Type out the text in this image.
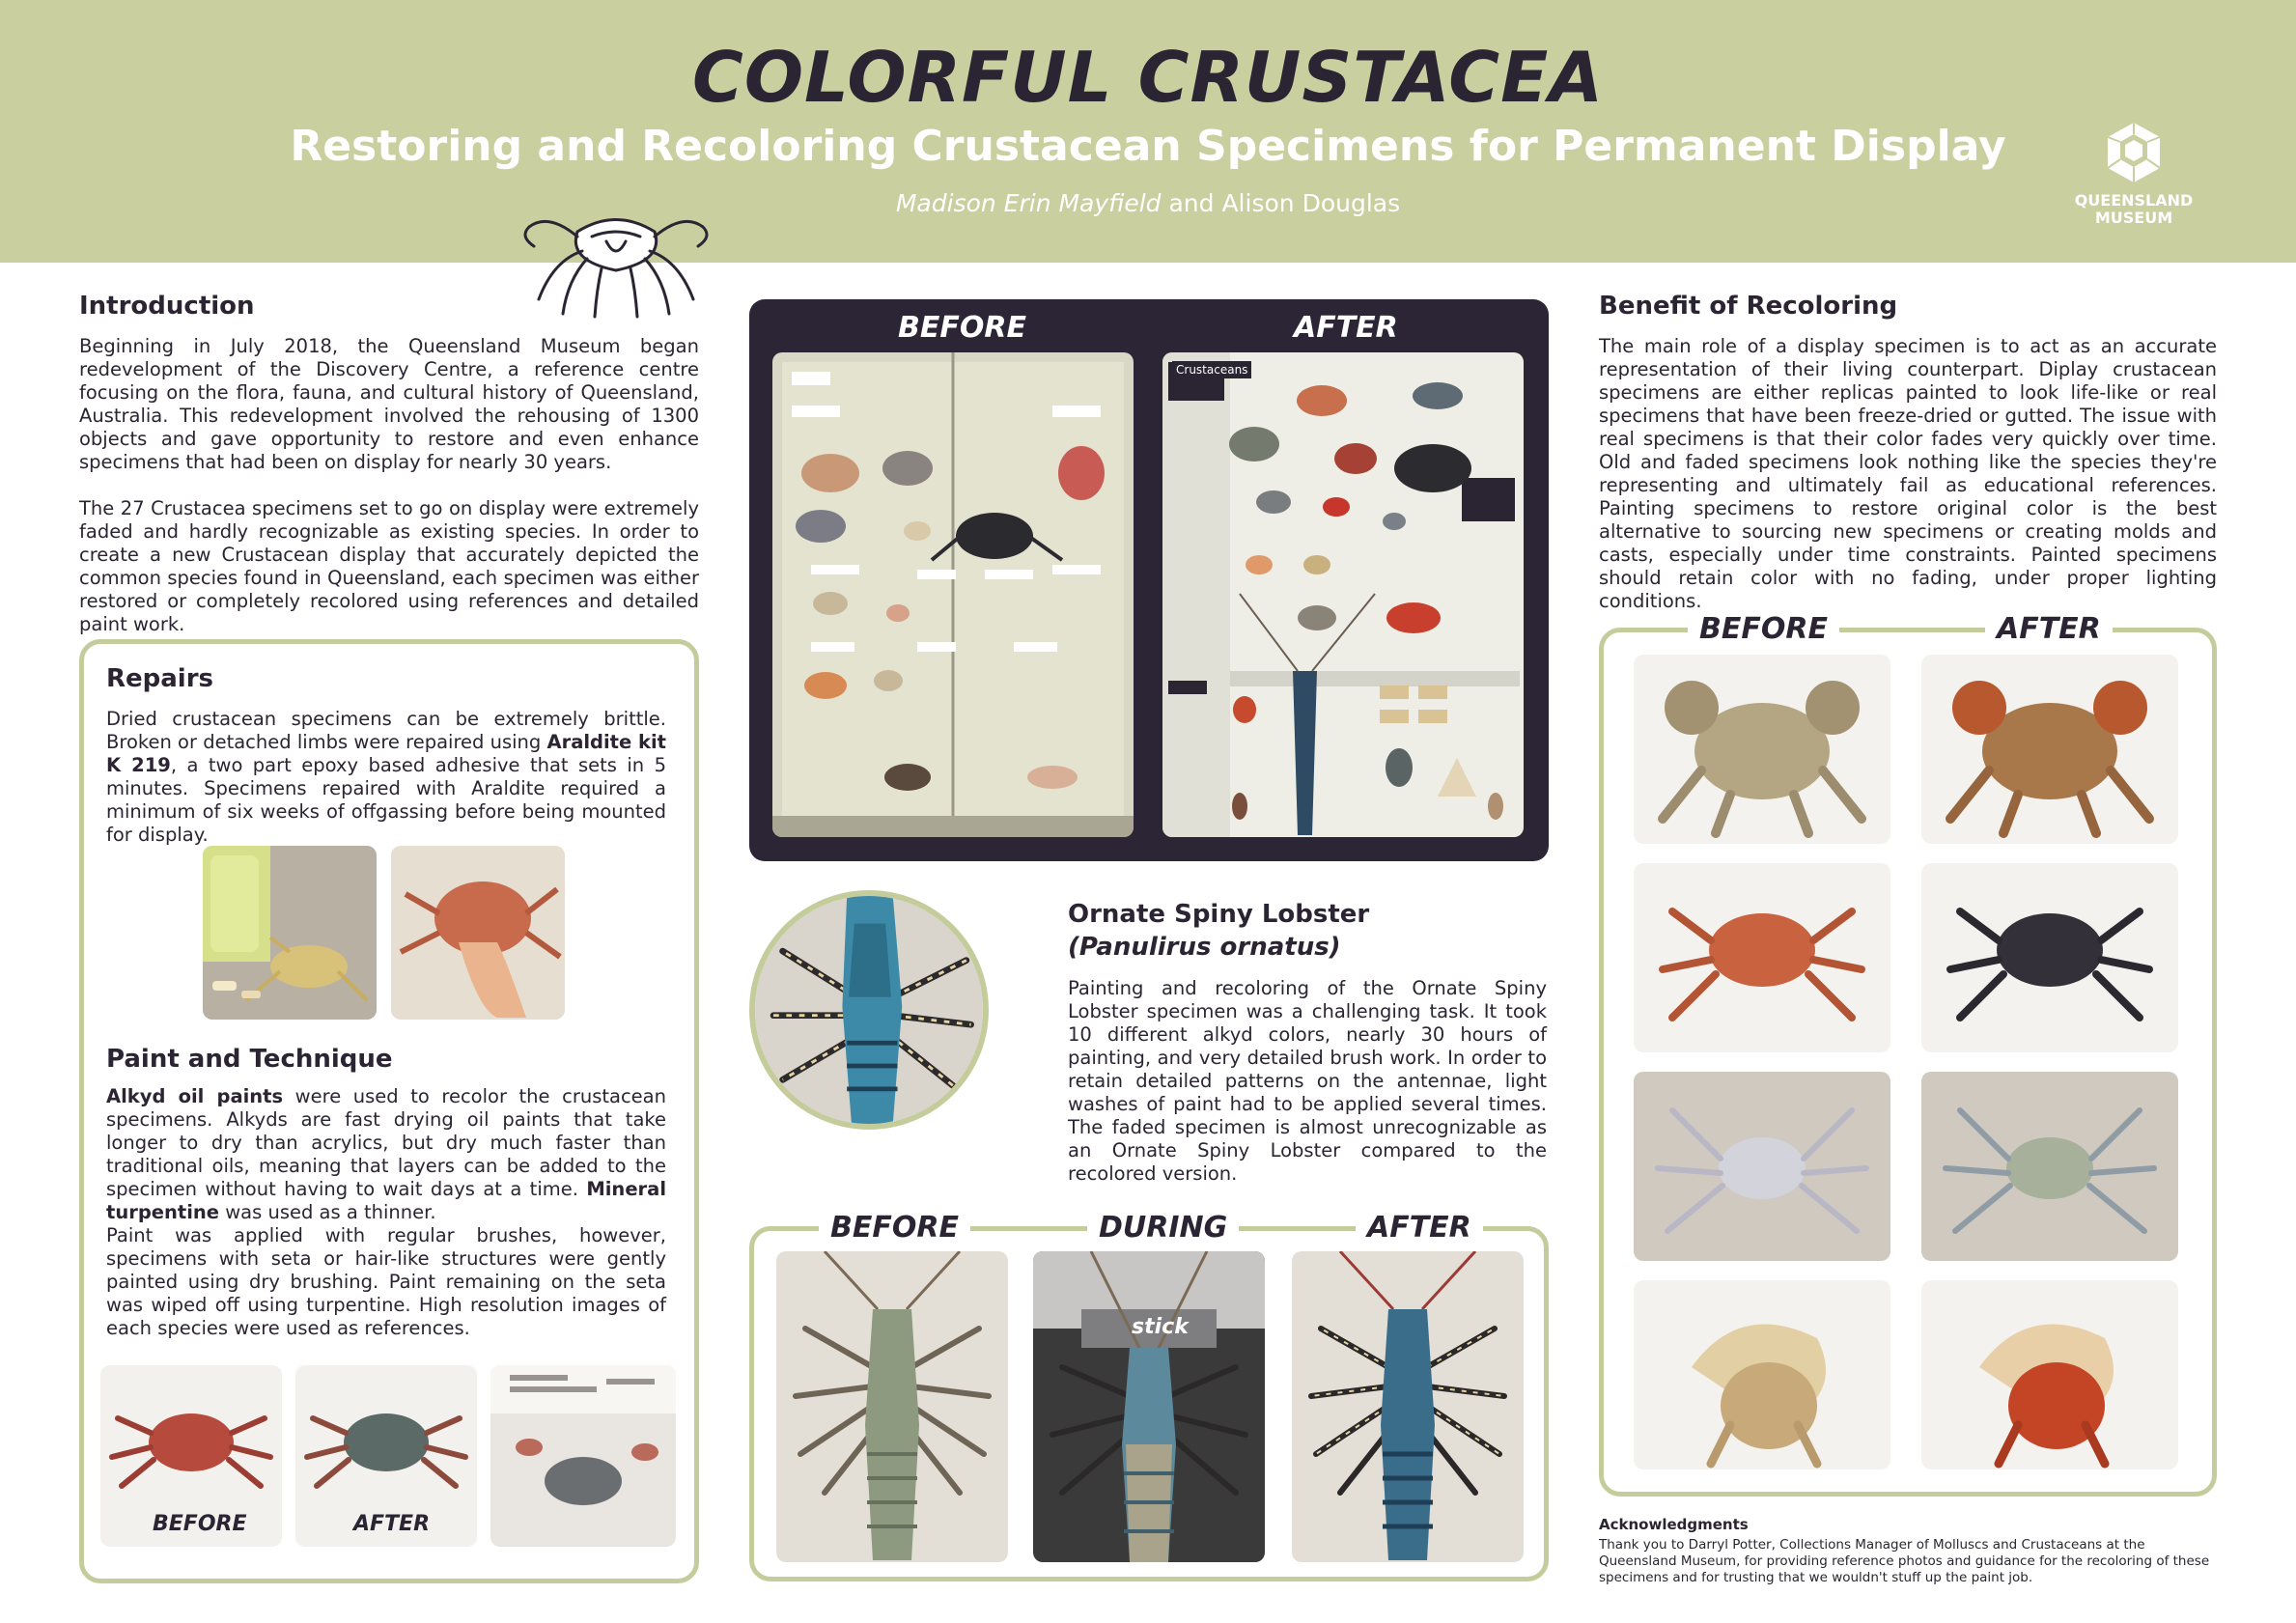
COLORFUL CRUSTACEA
Restoring and Recoloring Crustacean Specimens for Permanent Display
Madison Erin Mayfield and Alison Douglas	QUEENSLAND
MUSEUM
Introduction
Beginning in July 2018, the Queensland Museum began redevelopment of the Discovery Centre, a reference centre focusing on the flora, fauna, and cultural history of Queensland, Australia. This redevelopment involved the rehousing of 1300 objects and gave opportunity to restore and even enhance specimens that had been on display for nearly 30 years.
The 27 Crustacea specimens set to go on display were extremely faded and hardly recognizable as existing species. In order to create a new Crustacean display that accurately depicted the common species found in Queensland, each specimen was either restored or completely recolored using references and detailed paint work.
Repairs
Dried crustacean specimens can be extremely brittle. Broken or detached limbs were repaired using Araldite kit K 219, a two part epoxy based adhesive that sets in 5 minutes. Specimens repaired with Araldite required a minimum of six weeks of offgassing before being mounted for display.
Paint and Technique
Alkyd oil paints were used to recolor the crustacean specimens. Alkyds are fast drying oil paints that take longer to dry than acrylics, but dry much faster than traditional oils, meaning that layers can be added to the specimen without having to wait days at a time. Mineral turpentine was used as a thinner.
Paint was applied with regular brushes, however, specimens with seta or hair-like structures were gently painted using dry brushing. Paint remaining on the seta was wiped off using turpentine. High resolution images of each species were used as references.
BEFORE	AFTER
BEFORE	AFTER
Crustaceans
Ornate Spiny Lobster
(Panulirus ornatus)
Painting and recoloring of the Ornate Spiny Lobster specimen was a challenging task. It took 10 different alkyd colors, nearly 30 hours of painting, and very detailed brush work. In order to retain detailed patterns on the antennae, light washes of paint had to be applied several times. The faded specimen is almost unrecognizable as an Ornate Spiny Lobster compared to the recolored version.
BEFORE	DURING	AFTER
stick
Benefit of Recoloring
The main role of a display specimen is to act as an accurate representation of their living counterpart. Diplay crustacean specimens are either replicas painted to look life-like or real specimens that have been freeze-dried or gutted. The issue with real specimens is that their color fades very quickly over time. Old and faded specimens look nothing like the species they're representing and ultimately fail as educational references. Painting specimens to restore original color is the best alternative to sourcing new specimens or creating molds and casts, especially under time constraints. Painted specimens should retain color with no fading, under proper lighting conditions.
BEFORE	AFTER
Acknowledgments
Thank you to Darryl Potter, Collections Manager of Molluscs and Crustaceans at the Queensland Museum, for providing reference photos and guidance for the recoloring of these specimens and for trusting that we wouldn't stuff up the paint job.
